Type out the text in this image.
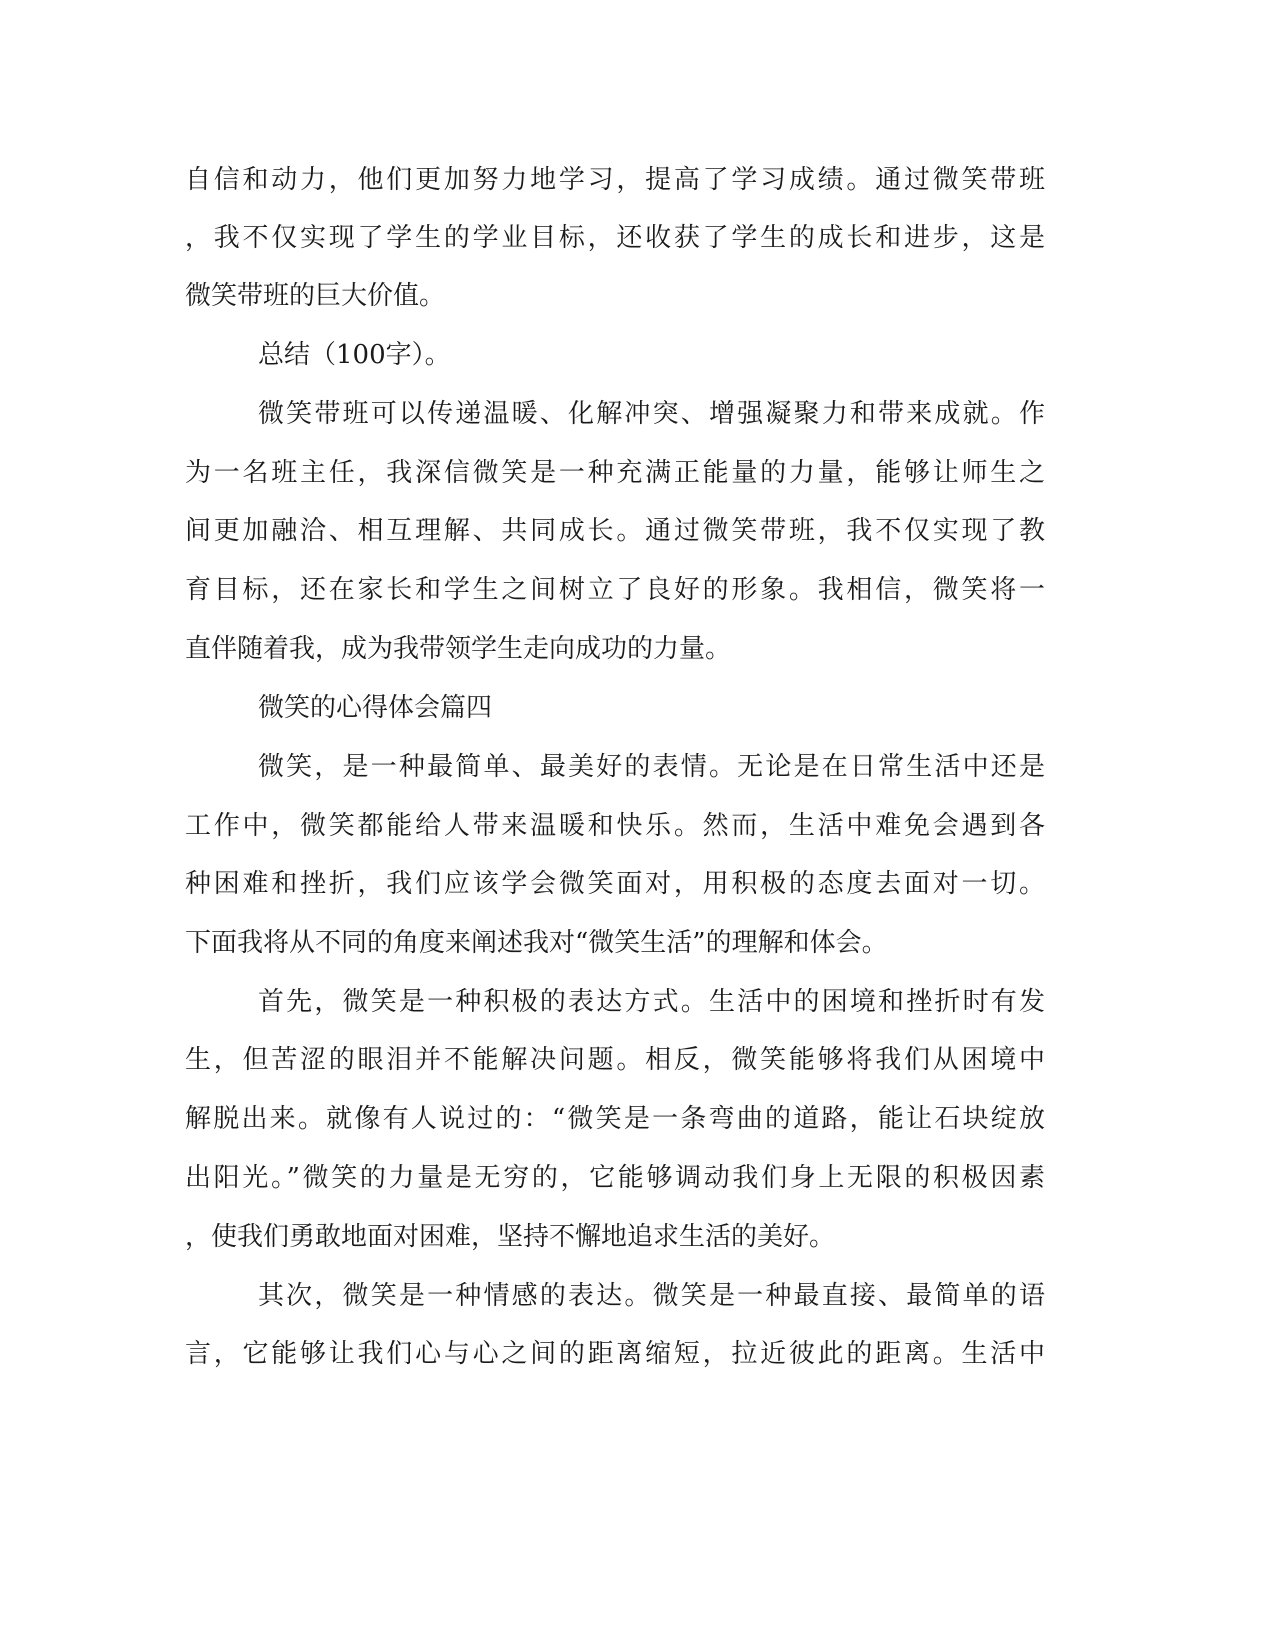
自信和动力，他们更加努力地学习，提高了学习成绩。通过微笑带班
，我不仅实现了学生的学业目标，还收获了学生的成长和进步，这是
微笑带班的巨大价值。
总结（100字）。
微笑带班可以传递温暖、化解冲突、增强凝聚力和带来成就。作
为一名班主任，我深信微笑是一种充满正能量的力量，能够让师生之
间更加融洽、相互理解、共同成长。通过微笑带班，我不仅实现了教
育目标，还在家长和学生之间树立了良好的形象。我相信，微笑将一
直伴随着我，成为我带领学生走向成功的力量。
微笑的心得体会篇四
微笑，是一种最简单、最美好的表情。无论是在日常生活中还是
工作中，微笑都能给人带来温暖和快乐。然而，生活中难免会遇到各
种困难和挫折，我们应该学会微笑面对，用积极的态度去面对一切。
下面我将从不同的角度来阐述我对“微笑生活”的理解和体会。
首先，微笑是一种积极的表达方式。生活中的困境和挫折时有发
生，但苦涩的眼泪并不能解决问题。相反，微笑能够将我们从困境中
解脱出来。就像有人说过的：“微笑是一条弯曲的道路，能让石块绽放
出阳光。”微笑的力量是无穷的，它能够调动我们身上无限的积极因素
，使我们勇敢地面对困难，坚持不懈地追求生活的美好。
其次，微笑是一种情感的表达。微笑是一种最直接、最简单的语
言，它能够让我们心与心之间的距离缩短，拉近彼此的距离。生活中
